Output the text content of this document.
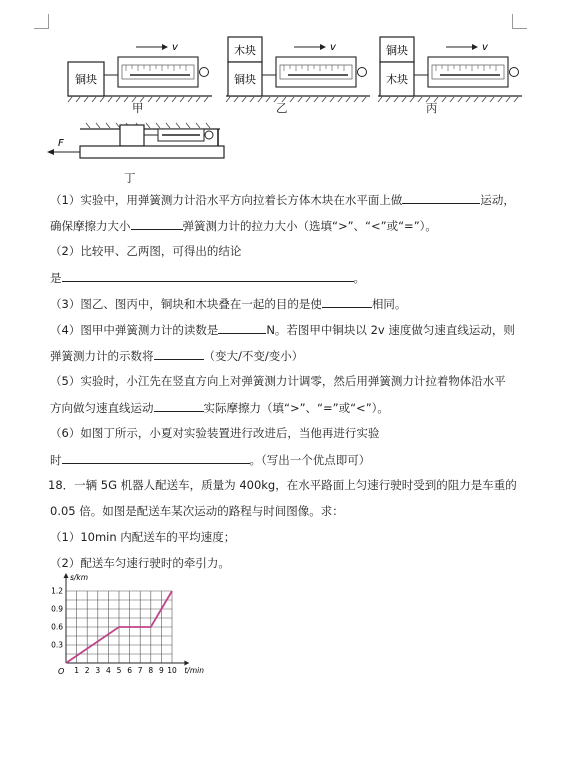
铜块
v
甲
木块
铜块
v
乙
铜块
木块
v
丙
F
丁
（1）实验中，用弹簧测力计沿水平方向拉着长方体木块在水平面上做	运动，
确保摩擦力大小	弹簧测力计的拉力大小（选填“>”、“<”或“=”）。
（2）比较甲、乙两图，可得出的结论
是	。
（3）图乙、图丙中，铜块和木块叠在一起的目的是使	相同。
（4）图甲中弹簧测力计的读数是	N。若图甲中铜块以 2v 速度做匀速直线运动，则
弹簧测力计的示数将	（变大/不变/变小）
（5）实验时，小江先在竖直方向上对弹簧测力计调零，然后用弹簧测力计拉着物体沿水平
方向做匀速直线运动	实际摩擦力（填“>”、“=”或“<”）。
（6）如图丁所示，小夏对实验装置进行改进后，当他再进行实验
时	。（写出一个优点即可）
18．一辆 5G 机器人配送车，质量为 400kg，在水平路面上匀速行驶时受到的阻力是车重的
0.05 倍。如图是配送车某次运动的路程与时间图像。求：
（1）10min 内配送车的平均速度；
（2）配送车匀速行驶时的牵引力。
1 2 3 4 5 6 7 8 9 10
0.3
0.6
0.9
1.2
O
s/km
t/min
